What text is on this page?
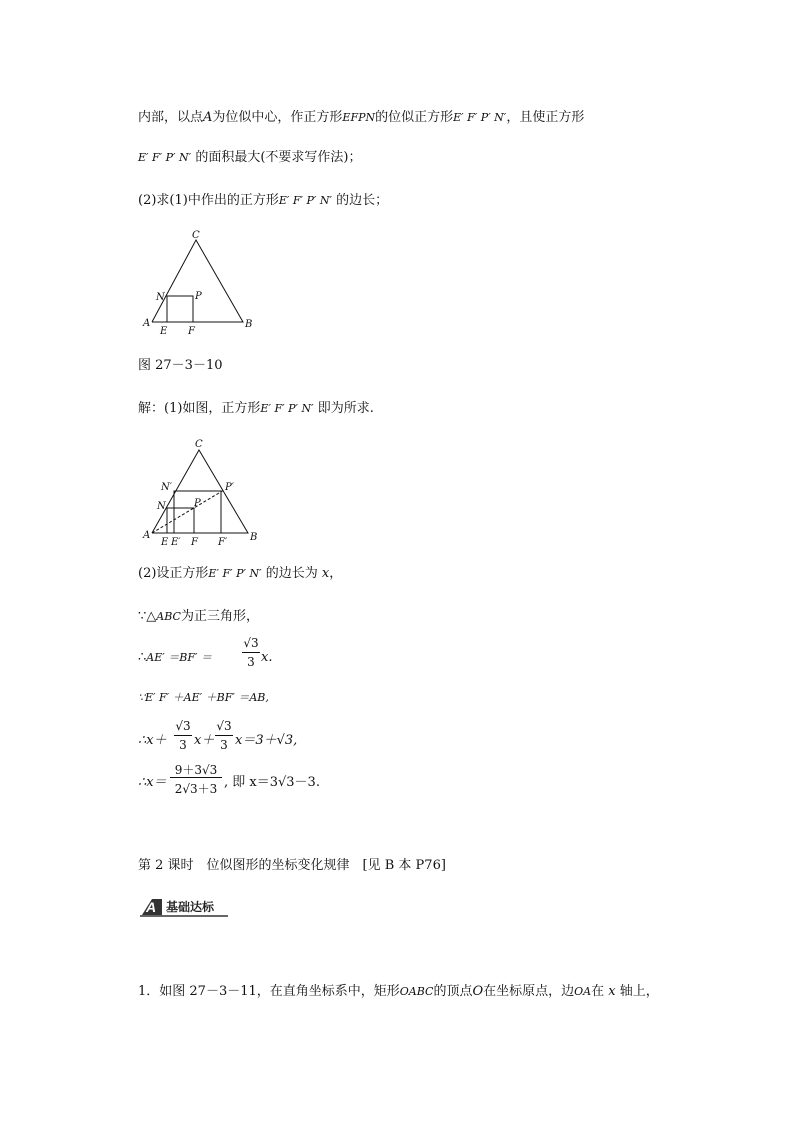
内部，以点A为位似中心，作正方形EFPN的位似正方形E′ F′ P′ N′，且使正方形
E′ F′ P′ N′ 的面积最大(不要求写作法)；
(2)求(1)中作出的正方形E′ F′ P′ N′ 的边长；
C
N	P
A
E F
B
图 27－3－10
解：(1)如图，正方形E′ F′ P′ N′ 即为所求.
C
N′	P′
N	P
A
E E′ F F′ B
(2)设正方形E′ F′ P′ N′ 的边长为 x，
∵△ABC为正三角形，
∴AE′ ＝BF′ ＝
√3
3 x.
∵E′ F′ ＋AE′ ＋BF′ ＝AB,
∴x＋
√3
3 x＋
√3
3 x＝3＋√3,
∴x＝
9＋3√3
2√3＋3 , 即 x＝3√3－3.
第 2 课时　位似图形的坐标变化规律　[见 B 本 P76]
A 基础达标
1．如图 27－3－11，在直角坐标系中，矩形OABC的顶点O在坐标原点，边OA在 x 轴上，
